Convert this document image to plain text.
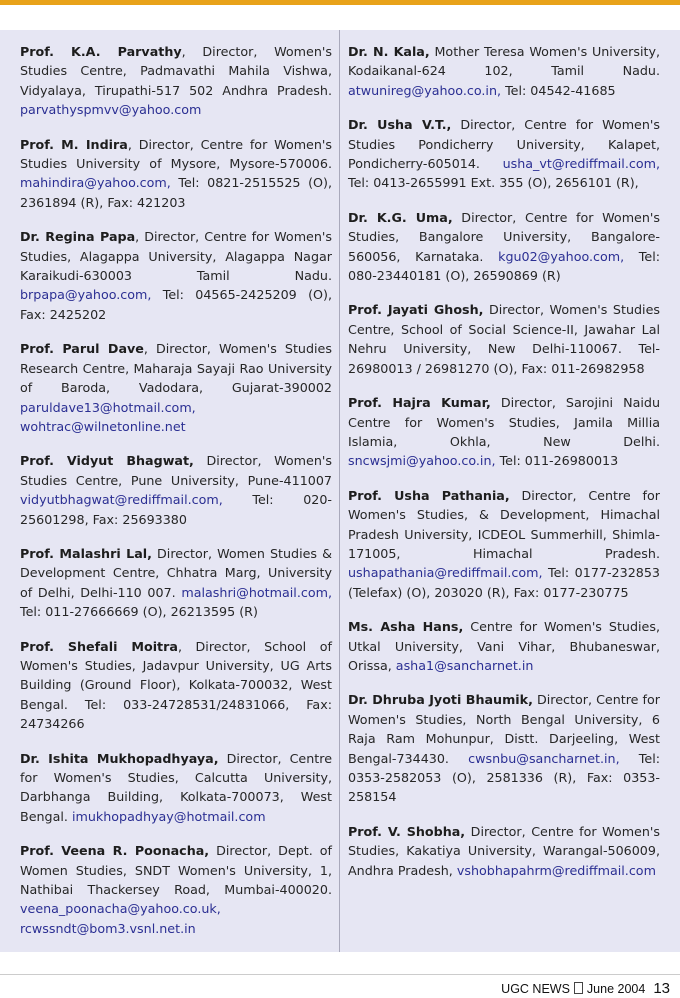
Prof. K.A. Parvathy, Director, Women's Studies Centre, Padmavathi Mahila Vishwa, Vidyalaya, Tirupathi-517 502 Andhra Pradesh. parvathyspmvv@yahoo.com

Prof. M. Indira, Director, Centre for Women's Studies University of Mysore, Mysore-570006. mahindira@yahoo.com, Tel: 0821-2515525 (O), 2361894 (R), Fax: 421203

Dr. Regina Papa, Director, Centre for Women's Studies, Alagappa University, Alagappa Nagar Karaikudi-630003 Tamil Nadu. brpapa@yahoo.com, Tel: 04565-2425209 (O), Fax: 2425202

Prof. Parul Dave, Director, Women's Studies Research Centre, Maharaja Sayaji Rao University of Baroda, Vadodara, Gujarat-390002 paruldave13@hotmail.com, wohtrac@wilnetonline.net

Prof. Vidyut Bhagwat, Director, Women's Studies Centre, Pune University, Pune-411007 vidyutbhagwat@rediffmail.com, Tel: 020-25601298, Fax: 25693380

Prof. Malashri Lal, Director, Women Studies & Development Centre, Chhatra Marg, University of Delhi, Delhi-110 007. malashri@hotmail.com, Tel: 011-27666669 (O), 26213595 (R)

Prof. Shefali Moitra, Director, School of Women's Studies, Jadavpur University, UG Arts Building (Ground Floor), Kolkata-700032, West Bengal. Tel: 033-24728531/24831066, Fax: 24734266

Dr. Ishita Mukhopadhyaya, Director, Centre for Women's Studies, Calcutta University, Darbhanga Building, Kolkata-700073, West Bengal. imukhopadhyay@hotmail.com

Prof. Veena R. Poonacha, Director, Dept. of Women Studies, SNDT Women's University, 1, Nathibai Thackersey Road, Mumbai-400020. veena_poonacha@yahoo.co.uk, rcwssndt@bom3.vsnl.net.in

Dr. N. Kala, Mother Teresa Women's University, Kodaikanal-624 102, Tamil Nadu. atwunireg@yahoo.co.in, Tel: 04542-41685

Dr. Usha V.T., Director, Centre for Women's Studies Pondicherry University, Kalapet, Pondicherry-605014. usha_vt@rediffmail.com, Tel: 0413-2655991 Ext. 355 (O), 2656101 (R),

Dr. K.G. Uma, Director, Centre for Women's Studies, Bangalore University, Bangalore-560056, Karnataka. kgu02@yahoo.com, Tel: 080-23440181 (O), 26590869 (R)

Prof. Jayati Ghosh, Director, Women's Studies Centre, School of Social Science-II, Jawahar Lal Nehru University, New Delhi-110067. Tel-26980013 / 26981270 (O), Fax: 011-26982958

Prof. Hajra Kumar, Director, Sarojini Naidu Centre for Women's Studies, Jamila Millia Islamia, Okhla, New Delhi. sncwsjmi@yahoo.co.in, Tel: 011-26980013

Prof. Usha Pathania, Director, Centre for Women's Studies, & Development, Himachal Pradesh University, ICDEOL Summerhill, Shimla-171005, Himachal Pradesh. ushapathania@rediffmail.com, Tel: 0177-232853 (Telefax) (O), 203020 (R), Fax: 0177-230775

Ms. Asha Hans, Centre for Women's Studies, Utkal University, Vani Vihar, Bhubaneswar, Orissa, asha1@sancharnet.in

Dr. Dhruba Jyoti Bhaumik, Director, Centre for Women's Studies, North Bengal University, 6 Raja Ram Mohunpur, Distt. Darjeeling, West Bengal-734430. cwsnbu@sancharnet.in, Tel: 0353-2582053 (O), 2581336 (R), Fax: 0353-258154

Prof. V. Shobha, Director, Centre for Women's Studies, Kakatiya University, Warangal-506009, Andhra Pradesh, vshobhapahrm@rediffmail.com

UGC NEWS June 2004 13
